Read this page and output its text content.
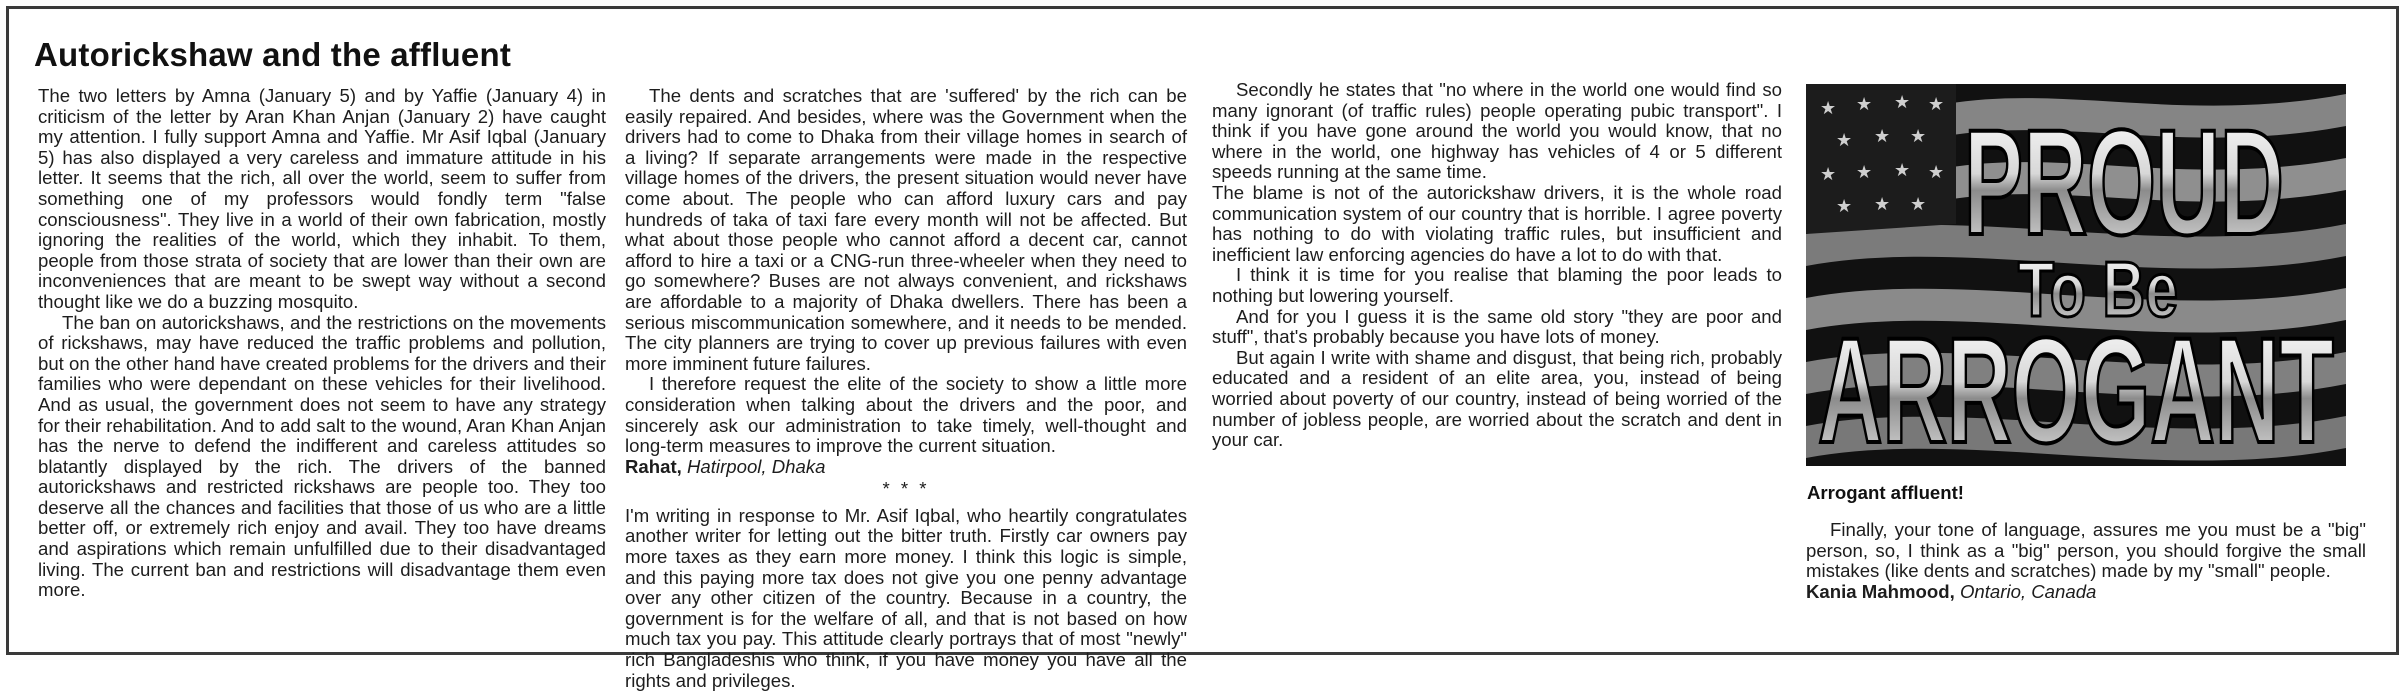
Autorickshaw and the affluent

The two letters by Amna (January 5) and by Yaffie (January 4) in criticism of the letter by Aran Khan Anjan (January 2) have caught my attention. I fully support Amna and Yaffie. Mr Asif Iqbal (January 5) has also displayed a very careless and immature attitude in his letter. It seems that the rich, all over the world, seem to suffer from something one of my professors would fondly term "false consciousness". They live in a world of their own fabrication, mostly ignoring the realities of the world, which they inhabit. To them, people from those strata of society that are lower than their own are inconveniences that are meant to be swept way without a second thought like we do a buzzing mosquito.

The ban on autorickshaws, and the restrictions on the movements of rickshaws, may have reduced the traffic problems and pollution, but on the other hand have created problems for the drivers and their families who were dependant on these vehicles for their livelihood. And as usual, the government does not seem to have any strategy for their rehabilitation. And to add salt to the wound, Aran Khan Anjan has the nerve to defend the indifferent and careless attitudes so blatantly displayed by the rich. The drivers of the banned autorickshaws and restricted rickshaws are people too. They too deserve all the chances and facilities that those of us who are a little better off, or extremely rich enjoy and avail. They too have dreams and aspirations which remain unfulfilled due to their disadvantaged living. The current ban and restrictions will disadvantage them even more.

The dents and scratches that are 'suffered' by the rich can be easily repaired. And besides, where was the Government when the drivers had to come to Dhaka from their village homes in search of a living? If separate arrangements were made in the respective village homes of the drivers, the present situation would never have come about. The people who can afford luxury cars and pay hundreds of taka of taxi fare every month will not be affected. But what about those people who cannot afford a decent car, cannot afford to hire a taxi or a CNG-run three-wheeler when they need to go somewhere? Buses are not always convenient, and rickshaws are affordable to a majority of Dhaka dwellers. There has been a serious miscommunication somewhere, and it needs to be mended. The city planners are trying to cover up previous failures with even more imminent future failures.

I therefore request the elite of the society to show a little more consideration when talking about the drivers and the poor, and sincerely ask our administration to take timely, well-thought and long-term measures to improve the current situation.

Rahat, Hatirpool, Dhaka

* * *

I'm writing in response to Mr. Asif Iqbal, who heartily congratulates another writer for letting out the bitter truth. Firstly car owners pay more taxes as they earn more money. I think this logic is simple, and this paying more tax does not give you one penny advantage over any other citizen of the country. Because in a country, the government is for the welfare of all, and that is not based on how much tax you pay. This attitude clearly portrays that of most "newly" rich Bangladeshis who think, if you have money you have all the rights and privileges.

Secondly he states that "no where in the world one would find so many ignorant (of traffic rules) people operating pubic transport". I think if you have gone around the world you would know, that no where in the world, one highway has vehicles of 4 or 5 different speeds running at the same time.

The blame is not of the autorickshaw drivers, it is the whole road communication system of our country that is horrible. I agree poverty has nothing to do with violating traffic rules, but insufficient and inefficient law enforcing agencies do have a lot to do with that.

I think it is time for you realise that blaming the poor leads to nothing but lowering yourself.

And for you I guess it is the same old story "they are poor and stuff", that's probably because you have lots of money.

But again I write with shame and disgust, that being rich, probably educated and a resident of an elite area, you, instead of being worried about poverty of our country, instead of being worried of the number of jobless people, are worried about the scratch and dent in your car.

★ ★ ★ ★
★ ★ ★
★ ★ ★ ★
★ ★ ★ PROUD
To Be
ARROGANT
Arrogant affluent!

Finally, your tone of language, assures me you must be a "big" person, so, I think as a "big" person, you should forgive the small mistakes (like dents and scratches) made by my "small" people.

Kania Mahmood, Ontario, Canada
